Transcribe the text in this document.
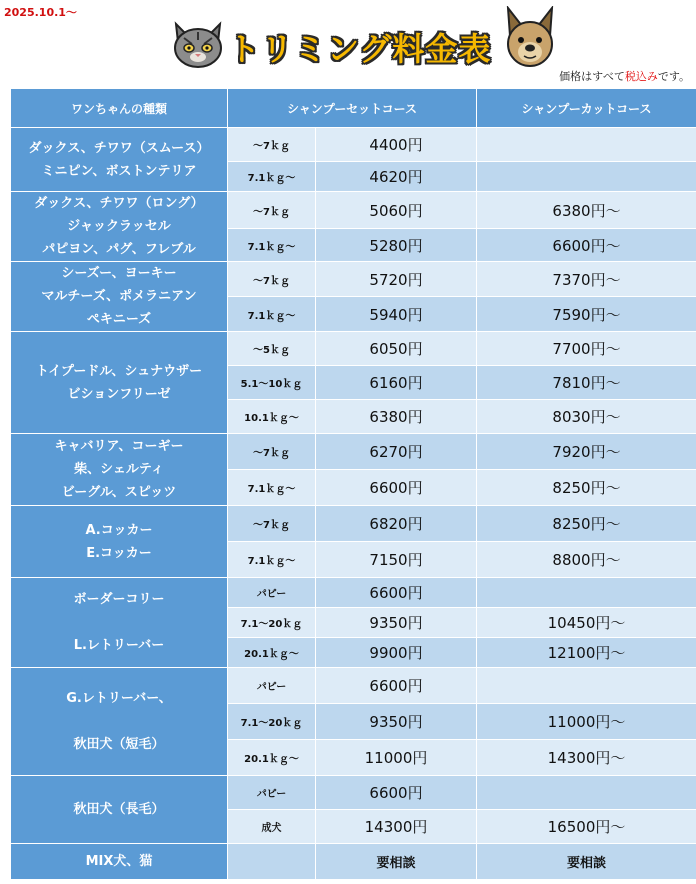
2025.10.1～
トリミング料金表
価格はすべて税込みです。
ワンちゃんの種類	シャンプーセットコース		シャンプーカットコース

ダックス、チワワ（スムース）
ミニピン、ボストンテリア	～7ｋｇ	4400円	
	7.1ｋｇ～	4620円	

ダックス、チワワ（ロング）
ジャックラッセル
パピヨン、パグ、フレブル	～7ｋｇ	5060円	6380円～
	7.1ｋｇ～	5280円	6600円～

シーズー、ヨーキー
マルチーズ、ポメラニアン
ペキニーズ	～7ｋｇ	5720円	7370円～
	7.1ｋｇ～	5940円	7590円～

トイプードル、シュナウザー
ビションフリーゼ	～5ｋｇ	6050円	7700円～
	5.1～10ｋｇ	6160円	7810円～
	10.1ｋｇ～	6380円	8030円～

キャバリア、コーギー
柴、シェルティ
ビーグル、スピッツ	～7ｋｇ	6270円	7920円～
	7.1ｋｇ～	6600円	8250円～

A.コッカー
E.コッカー	～7ｋｇ	6820円	8250円～
	7.1ｋｇ～	7150円	8800円～

ボーダーコリー

L.レトリーバー	パピー	6600円	
	7.1～20ｋｇ	9350円	10450円～
	20.1ｋｇ～	9900円	12100円～

G.レトリーバー、

秋田犬（短毛）	パピー	6600円	
	7.1～20ｋｇ	9350円	11000円～
	20.1ｋｇ～	11000円	14300円～

秋田犬（長毛）	パピー	6600円	
	成犬	14300円	16500円～

MIX犬、猫		要相談	要相談
